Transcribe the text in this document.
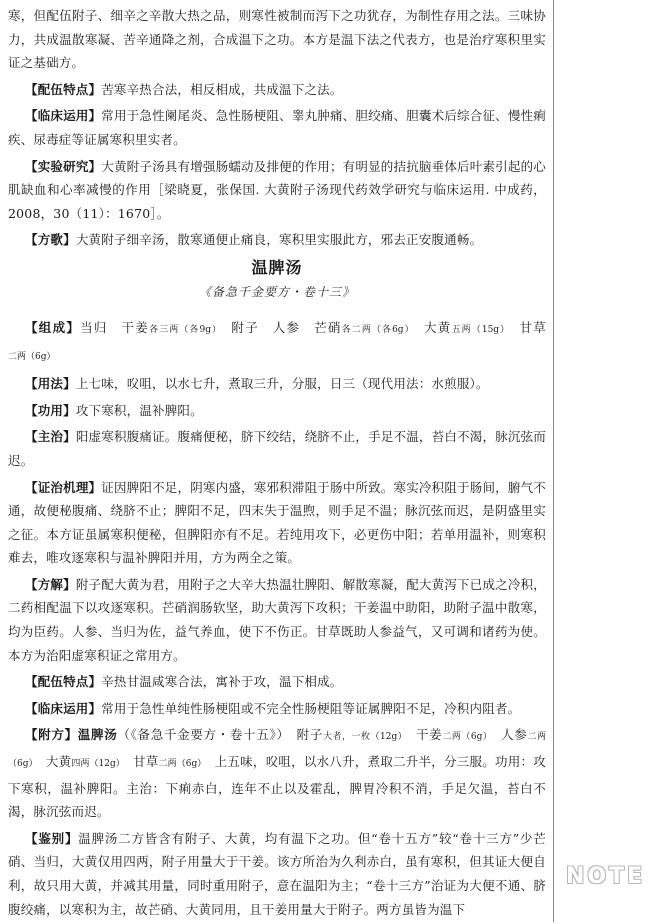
寒，但配伍附子、细辛之辛散大热之品，则寒性被制而泻下之功犹存，为制性存用之法。三味协力，共成温散寒凝、苦辛通降之剂，合成温下之功。本方是温下法之代表方，也是治疗寒积里实证之基础方。

【配伍特点】苦寒辛热合法，相反相成，共成温下之法。

【临床运用】常用于急性阑尾炎、急性肠梗阻、睾丸肿痛、胆绞痛、胆囊术后综合征、慢性痢疾、尿毒症等证属寒积里实者。

【实验研究】大黄附子汤具有增强肠蠕动及排便的作用；有明显的拮抗脑垂体后叶素引起的心肌缺血和心率减慢的作用［梁晓夏，张保国. 大黄附子汤现代药效学研究与临床运用. 中成药，2008，30（11）：1670］。

【方歌】大黄附子细辛汤，散寒通便止痛良，寒积里实服此方，邪去正安腹通畅。

温脾汤
《备急千金要方・卷十三》

【组成】当归　干姜各三两（各9g）　附子　人参　芒硝各二两（各6g）　大黄五两（15g）　甘草二两（6g）

【用法】上七味，㕮咀，以水七升，煮取三升，分服，日三（现代用法：水煎服）。

【功用】攻下寒积，温补脾阳。

【主治】阳虚寒积腹痛证。腹痛便秘，脐下绞结，绕脐不止，手足不温，苔白不渴，脉沉弦而迟。

【证治机理】证因脾阳不足，阴寒内盛，寒邪积滞阻于肠中所致。寒实冷积阻于肠间，腑气不通，故便秘腹痛、绕脐不止；脾阳不足，四末失于温煦，则手足不温；脉沉弦而迟，是阴盛里实之征。本方证虽属寒积便秘，但脾阳亦有不足。若纯用攻下，必更伤中阳；若单用温补，则寒积难去，唯攻逐寒积与温补脾阳并用，方为两全之策。

【方解】附子配大黄为君，用附子之大辛大热温壮脾阳、解散寒凝，配大黄泻下已成之冷积，二药相配温下以攻逐寒积。芒硝润肠软坚，助大黄泻下攻积；干姜温中助阳，助附子温中散寒，均为臣药。人参、当归为佐，益气养血，使下不伤正。甘草既助人参益气，又可调和诸药为使。本方为治阳虚寒积证之常用方。

【配伍特点】辛热甘温咸寒合法，寓补于攻，温下相成。

【临床运用】常用于急性单纯性肠梗阻或不完全性肠梗阻等证属脾阳不足，冷积内阻者。

【附方】温脾汤（《备急千金要方・卷十五》）　附子大者，一枚（12g）　干姜二两（6g）　人参二两（6g）　大黄四两（12g）　甘草二两（6g）　上五味，㕮咀，以水八升，煮取二升半，分三服。功用：攻下寒积，温补脾阳。主治：下痢赤白，连年不止以及霍乱，脾胃冷积不消，手足欠温，苔白不渴，脉沉弦而迟。

【鉴别】温脾汤二方皆含有附子、大黄，均有温下之功。但“卷十五方”较“卷十三方”少芒硝、当归，大黄仅用四两，附子用量大于干姜。该方所治为久利赤白，虽有寒积，但其证大便自利，故只用大黄，并减其用量，同时重用附子，意在温阳为主；“卷十三方”治证为大便不通、脐腹绞痛，以寒积为主，故芒硝、大黄同用，且干姜用量大于附子。两方虽皆为温下

NOTE
